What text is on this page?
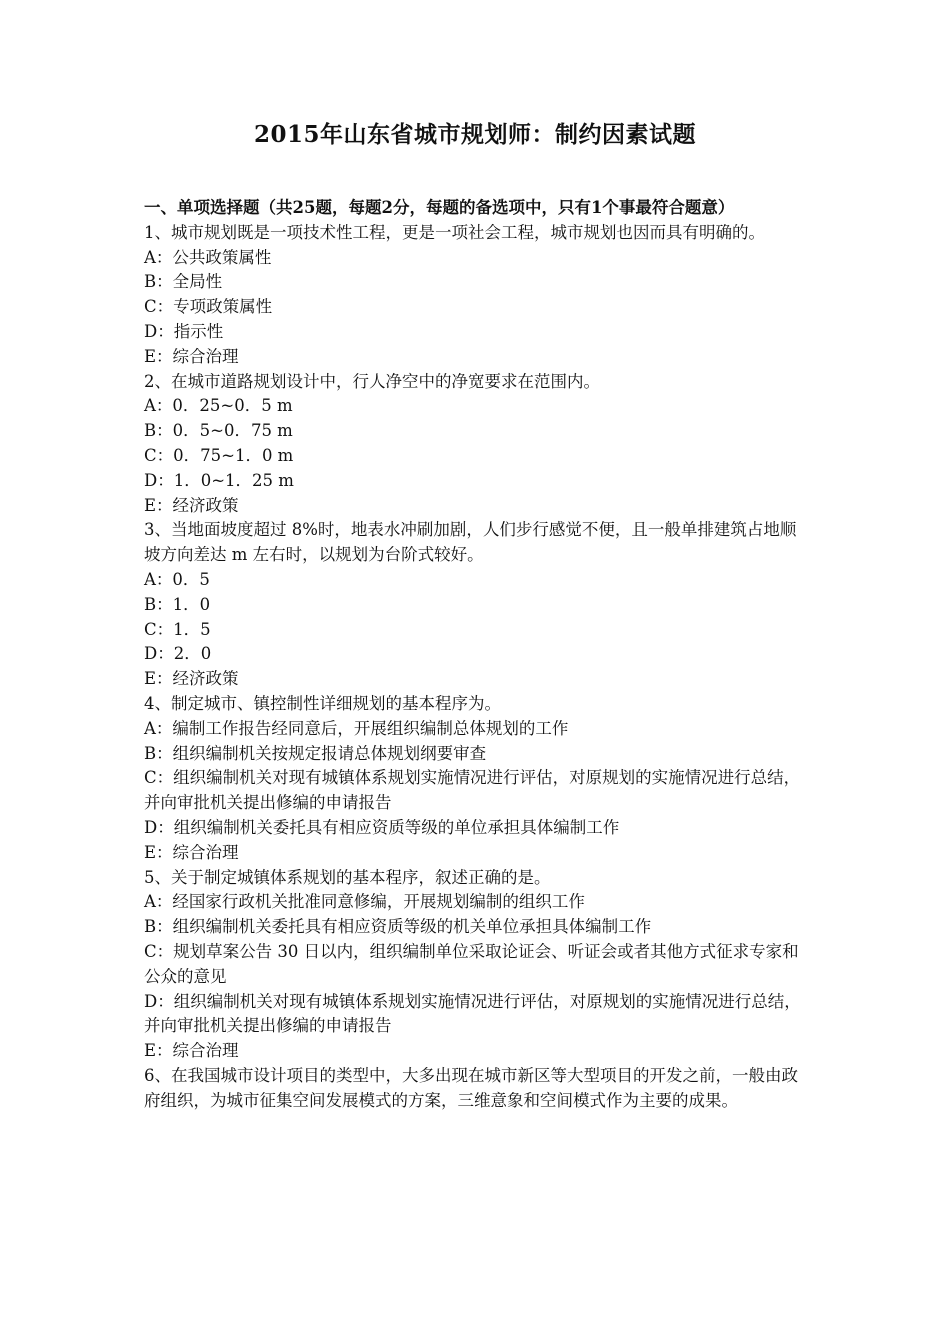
2015年山东省城市规划师：制约因素试题

一、单项选择题（共25题，每题2分，每题的备选项中，只有1个事最符合题意）

1、城市规划既是一项技术性工程，更是一项社会工程，城市规划也因而具有明确的。

A：公共政策属性

B：全局性

C：专项政策属性

D：指示性

E：综合治理

2、在城市道路规划设计中，行人净空中的净宽要求在范围内。

A：0．25~0．5 m

B：0．5~0．75 m

C：0．75~1．0 m

D：1．0~1．25 m

E：经济政策

3、当地面坡度超过 8%时，地表水冲刷加剧，人们步行感觉不便，且一般单排建筑占地顺坡方向差达 m 左右时，以规划为台阶式较好。

A：0．5

B：1．0

C：1．5

D：2．0

E：经济政策

4、制定城市、镇控制性详细规划的基本程序为。

A：编制工作报告经同意后，开展组织编制总体规划的工作

B：组织编制机关按规定报请总体规划纲要审查

C：组织编制机关对现有城镇体系规划实施情况进行评估，对原规划的实施情况进行总结，并向审批机关提出修编的申请报告

D：组织编制机关委托具有相应资质等级的单位承担具体编制工作

E：综合治理

5、关于制定城镇体系规划的基本程序，叙述正确的是。

A：经国家行政机关批准同意修编，开展规划编制的组织工作

B：组织编制机关委托具有相应资质等级的机关单位承担具体编制工作

C：规划草案公告 30 日以内，组织编制单位采取论证会、听证会或者其他方式征求专家和公众的意见

D：组织编制机关对现有城镇体系规划实施情况进行评估，对原规划的实施情况进行总结，并向审批机关提出修编的申请报告

E：综合治理

6、在我国城市设计项目的类型中，大多出现在城市新区等大型项目的开发之前，一般由政府组织，为城市征集空间发展模式的方案，三维意象和空间模式作为主要的成果。
